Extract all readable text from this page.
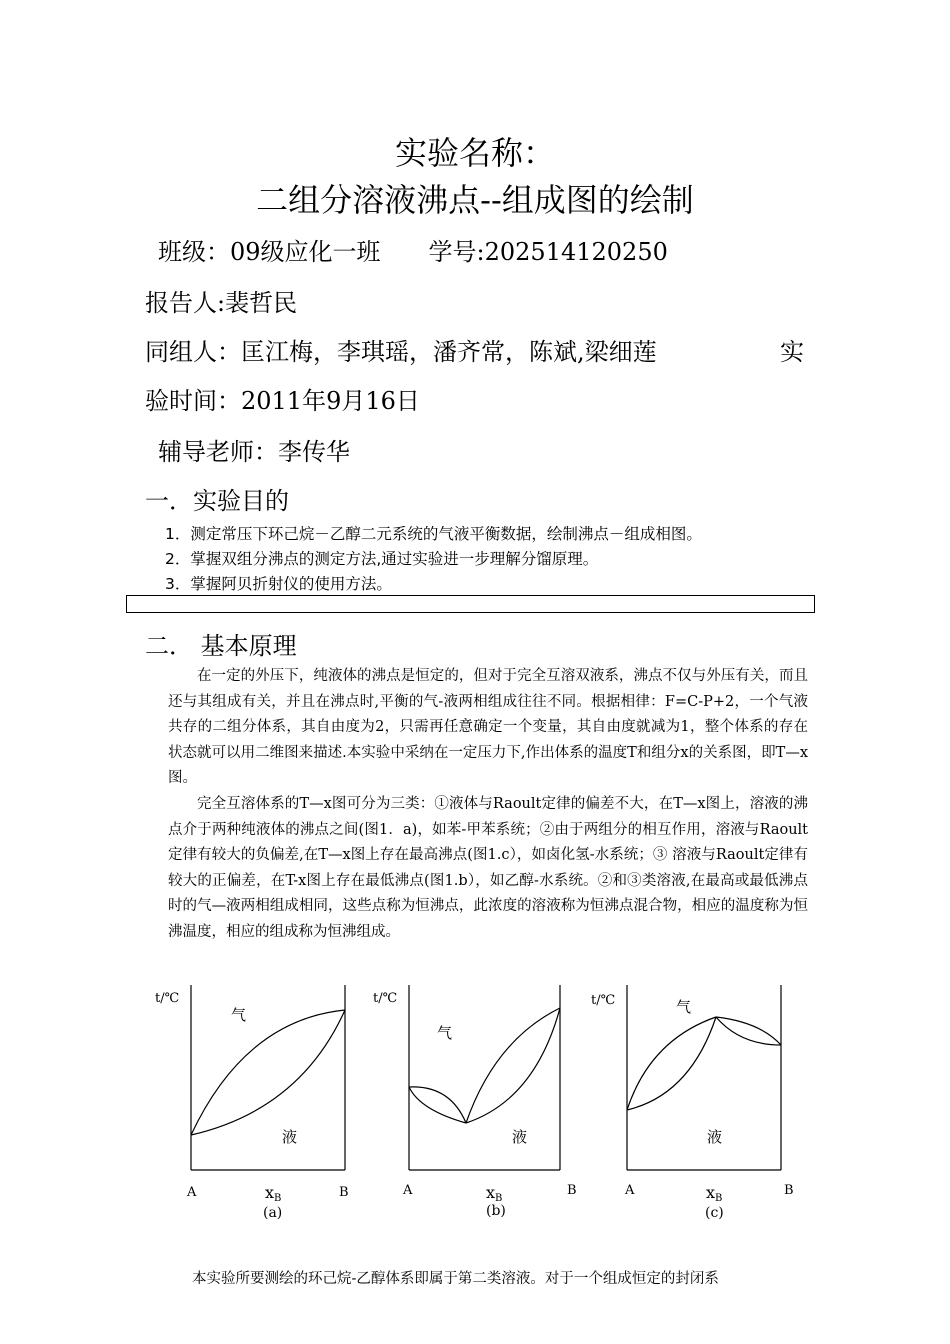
实验名称：
二组分溶液沸点--组成图的绘制
班级：09级应化一班　　学号:202514120250
报告人:裴哲民
同组人：匡江梅，李琪瑶，潘齐常，陈斌,梁细莲	实
验时间：2011年9月16日
辅导老师：李传华
一．实验目的
1．测定常压下环己烷－乙醇二元系统的气液平衡数据，绘制沸点－组成相图。
2．掌握双组分沸点的测定方法,通过实验进一步理解分馏原理。
3．掌握阿贝折射仪的使用方法。
二． 基本原理

在一定的外压下，纯液体的沸点是恒定的，但对于完全互溶双液系，沸点不仅与外压有关，而且还与其组成有关，并且在沸点时,平衡的气-液两相组成往往不同。根据相律：F=C-P+2，一个气液共存的二组分体系，其自由度为2，只需再任意确定一个变量，其自由度就减为1，整个体系的存在状态就可以用二维图来描述.本实验中采纳在一定压力下,作出体系的温度T和组分x的关系图，即T—x图。

完全互溶体系的T—x图可分为三类：①液体与Raoult定律的偏差不大，在T—x图上，溶液的沸点介于两种纯液体的沸点之间(图1．a)，如苯-甲苯系统；②由于两组分的相互作用，溶液与Raoult定律有较大的负偏差,在T—x图上存在最高沸点(图1.c），如卤化氢-水系统；③ 溶液与Raoult定律有较大的正偏差，在T-x图上存在最低沸点(图1.b），如乙醇-水系统。②和③类溶液,在最高或最低沸点时的气—液两相组成相同，这些点称为恒沸点，此浓度的溶液称为恒沸点混合物，相应的温度称为恒沸温度，相应的组成称为恒沸组成。

t/℃	t/℃	t/℃
气
气
气
液	液	液
A	B	A	B	A	B
xB	xB	xB
(a)	(b)	(c)
本实验所要测绘的环己烷-乙醇体系即属于第二类溶液。对于一个组成恒定的封闭系
